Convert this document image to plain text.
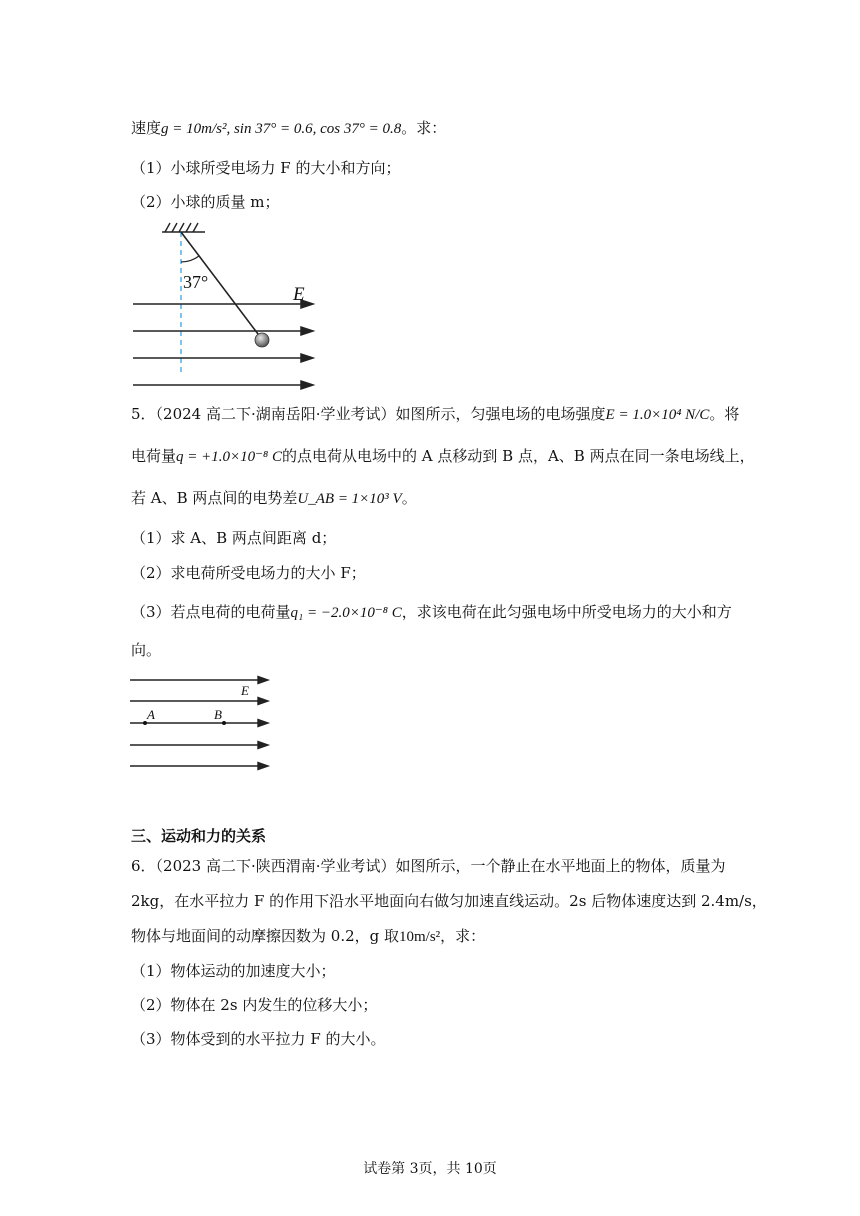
速度g = 10m/s², sin 37° = 0.6, cos 37° = 0.8。求：
（1）小球所受电场力 F 的大小和方向；
（2）小球的质量 m；
37°
E
5．（2024 高二下·湖南岳阳·学业考试）如图所示，匀强电场的电场强度E = 1.0×10⁴ N/C。将
电荷量q = +1.0×10⁻⁸ C的点电荷从电场中的 A 点移动到 B 点，A、B 两点在同一条电场线上，
若 A、B 两点间的电势差U_AB = 1×10³ V。
（1）求 A、B 两点间距离 d；
（2）求电荷所受电场力的大小 F；
（3）若点电荷的电荷量q₁ = −2.0×10⁻⁸ C，求该电荷在此匀强电场中所受电场力的大小和方
向。
E
A	B
三、运动和力的关系
6．（2023 高二下·陕西渭南·学业考试）如图所示，一个静止在水平地面上的物体，质量为
2kg，在水平拉力 F 的作用下沿水平地面向右做匀加速直线运动。2s 后物体速度达到 2.4m/s，
物体与地面间的动摩擦因数为 0.2，g 取10m/s²，求：
（1）物体运动的加速度大小；
（2）物体在 2s 内发生的位移大小；
（3）物体受到的水平拉力 F 的大小。
试卷第 3页，共 10页
